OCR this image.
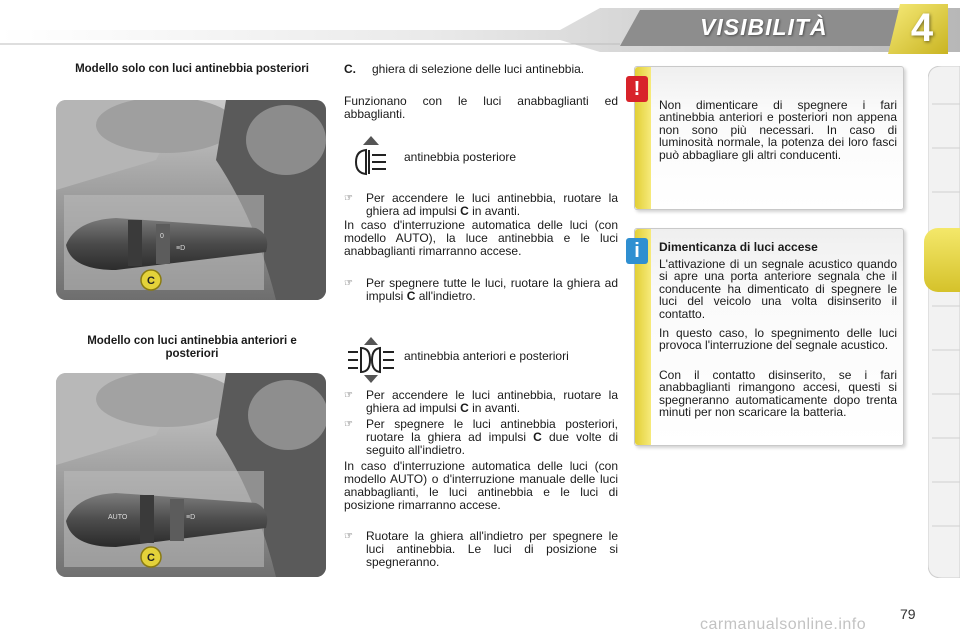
VISIBILITÀ	4
Modello solo con luci antinebbia posteriori
0
≡D
C
Modello con luci antinebbia anteriori e posteriori
AUTO	≡D
C
C. ghiera di selezione delle luci antinebbia.
Funzionano con le luci anabbaglianti ed abbaglianti.
antinebbia posteriore
☞	Per accendere le luci antinebbia, ruotare la ghiera ad impulsi C in avanti.
In caso d'interruzione automatica delle luci (con modello AUTO), la luce antinebbia e le luci anabbaglianti rimarranno accese.
☞	Per spegnere tutte le luci, ruotare la ghiera ad impulsi C all'indietro.
antinebbia anteriori e posteriori
☞	Per accendere le luci antinebbia, ruotare la ghiera ad impulsi C in avanti.
☞	Per spegnere le luci antinebbia posteriori, ruotare la ghiera ad impulsi C due volte di seguito all'indietro.
In caso d'interruzione automatica delle luci (con modello AUTO) o d'interruzione manuale delle luci anabbaglianti, le luci antinebbia e le luci di posizione rimarranno accese.
☞	Ruotare la ghiera all'indietro per spegnere le luci antinebbia. Le luci di posizione si spegneranno.
!
Non dimenticare di spegnere i fari antinebbia anteriori e posteriori non appena non sono più necessari. In caso di luminosità normale, la potenza dei loro fasci può abbagliare gli altri conducenti.
i	Dimenticanza di luci accese
L'attivazione di un segnale acustico quando si apre una porta anteriore segnala che il conducente ha dimenticato di spegnere le luci del veicolo una volta disinserito il contatto.
In questo caso, lo spegnimento delle luci provoca l'interruzione del segnale acustico.
Con il contatto disinserito, se i fari anabbaglianti rimangono accesi, questi si spegneranno automaticamente dopo trenta minuti per non scaricare la batteria.
79
carmanualsonline.info
